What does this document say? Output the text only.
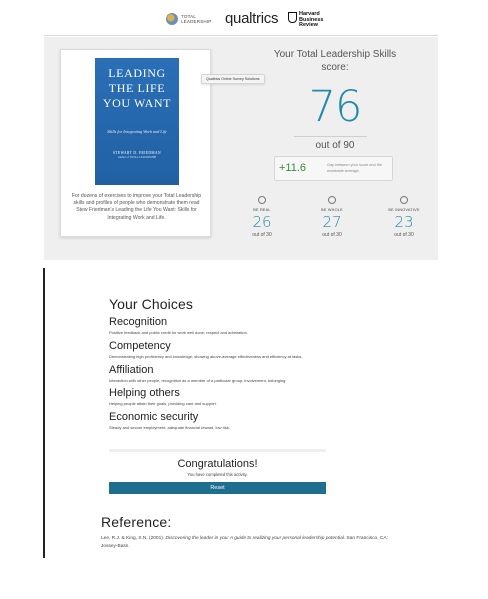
TOTAL LEADERSHIP qualtrics	Harvard Business Review
LEADING THE LIFE YOU WANT
Skills for Integrating Work and Life
STEWART D. FRIEDMAN
Author of TOTAL LEADERSHIP
For dozens of exercises to improve your Total Leadership skills and profiles of people who demonstrate them read Stew Friedman's Leading the Life You Want: Skills for Integrating Work and Life.
Qualtrics Online Survey Solutions
Your Total Leadership Skills score:
76
out of 90
+11.6	Gap between your score and the worldwide average.
BE REAL
26
out of 30
BE WHOLE
27
out of 30
BE INNOVATIVE
23
out of 30
Your Choices
Recognition
Positive feedback and public credit for work well done; respect and admiration.
Competency
Demonstrating high proficiency and knowledge; showing above-average effectiveness and efficiency at tasks.
Affiliation
Interaction with other people, recognition as a member of a particular group; involvement, belonging.
Helping others
Helping people attain their goals, providing care and support.
Economic security
Steady and secure employment, adequate financial reward, low risk.
Congratulations!
You have completed this activity.
Reset
Reference:
Lee, R.J. & King, S.N. (2001). Discovering the leader in you: A guide to realizing your personal leadership potential. San Francisco, CA: Jossey-Bass.
